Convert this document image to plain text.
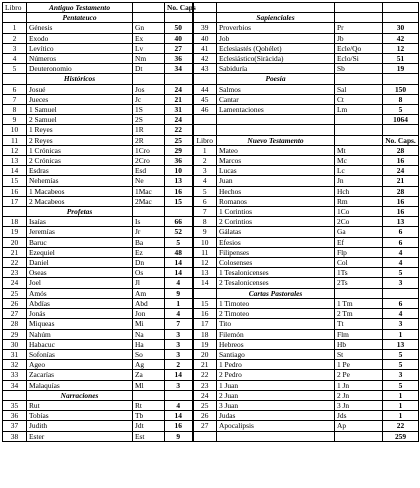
Libro	Antiguo Testamento		No. Caps				
	Pentateuco				Sapienciales		
1	Génesis	Gn	50	39	Proverbios	Pr	30
2	Exodo	Ex	40	40	Job	Jb	42
3	Levítico	Lv	27	41	Eclesiastés (Qohélet)	Ecle/Qo	12
4	Números	Nm	36	42	Eclesiástico(Siràcida)	Eclo/Si	51
5	Deuteronomio	Dt	34	43	Sabiduría	Sb	19
	Históricos				Poesía		
6	Josué	Jos	24	44	Salmos	Sal	150
7	Jueces	Jc	21	45	Cantar	Ct	8
8	1 Samuel	1S	31	46	Lamentaciones	Lm	5
9	2 Samuel	2S	24				1064
10	1 Reyes	1R	22				
11	2 Reyes	2R	25	Libro	Nuevo Testamento		No. Caps.
12	1 Crónicas	1Cro	29	1	Mateo	Mt	28
13	2 Crónicas	2Cro	36	2	Marcos	Mc	16
14	Esdras	Esd	10	3	Lucas	Lc	24
15	Nehemías	Ne	13	4	Juan	Jn	21
16	1 Macabeos	1Mac	16	5	Hechos	Hch	28
17	2 Macabeos	2Mac	15	6	Romanos	Rm	16
	Profetas			7	1 Corintios	1Co	16
18	Isaías	Is	66	8	2 Corintios	2Co	13
19	Jeremías	Jr	52	9	Gálatas	Ga	6
20	Baruc	Ba	5	10	Efesios	Ef	6
21	Ezequiel	Ez	48	11	Filipenses	Flp	4
22	Daniel	Dn	14	12	Colosenses	Col	4
23	Oseas	Os	14	13	1 Tesalonicenses	1Ts	5
24	Joel	Jl	4	14	2 Tesalonicenses	2Ts	3
25	Amós	Am	9		Cartas Pastorales		
26	Abdías	Abd	1	15	1 Timoteo	1 Tm	6
27	Jonás	Jon	4	16	2 Timoteo	2 Tm	4
28	Miqueas	Mi	7	17	Tito	Tt	3
29	Nahúm	Na	3	18	Filemón	Flm	1
30	Habacuc	Ha	3	19	Hebreos	Hb	13
31	Sofonías	So	3	20	Santiago	St	5
32	Ageo	Ag	2	21	1 Pedro	1 Pe	5
33	Zacarías	Za	14	22	2 Pedro	2 Pe	3
34	Malaquías	Ml	3	23	1 Juan	1 Jn	5
	Narraciones			24	2 Juan	2 Jn	1
35	Rut	Rt	4	25	3 Juan	3 Jn	1
36	Tobías	Tb	14	26	Judas	Jds	1
37	Judith	Jdt	16	27	Apocalipsis	Ap	22
38	Ester	Est	9				259
